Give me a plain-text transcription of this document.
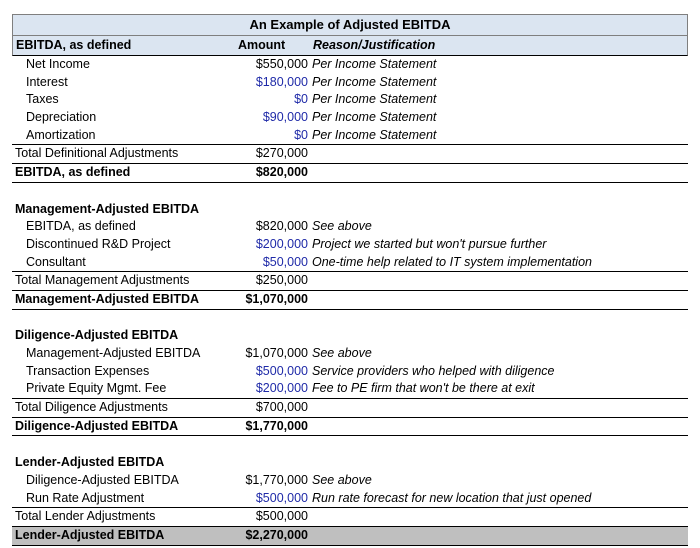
An Example of Adjusted EBITDA
EBITDA, as defined	Amount Reason/Justification
Net Income	$550,000 Per Income Statement
Interest	$180,000 Per Income Statement
Taxes	$0 Per Income Statement
Depreciation	$90,000 Per Income Statement
Amortization	$0 Per Income Statement
Total Definitional Adjustments	$270,000
EBITDA, as defined	$820,000
Management-Adjusted EBITDA
EBITDA, as defined	$820,000 See above
Discontinued R&D Project	$200,000 Project we started but won't pursue further
Consultant	$50,000 One-time help related to IT system implementation
Total Management Adjustments	$250,000
Management-Adjusted EBITDA	$1,070,000
Diligence-Adjusted EBITDA
Management-Adjusted EBITDA	$1,070,000 See above
Transaction Expenses	$500,000 Service providers who helped with diligence
Private Equity Mgmt. Fee	$200,000 Fee to PE firm that won't be there at exit
Total Diligence Adjustments	$700,000
Diligence-Adjusted EBITDA	$1,770,000
Lender-Adjusted EBITDA
Diligence-Adjusted EBITDA	$1,770,000 See above
Run Rate Adjustment	$500,000 Run rate forecast for new location that just opened
Total Lender Adjustments	$500,000
Lender-Adjusted EBITDA	$2,270,000
